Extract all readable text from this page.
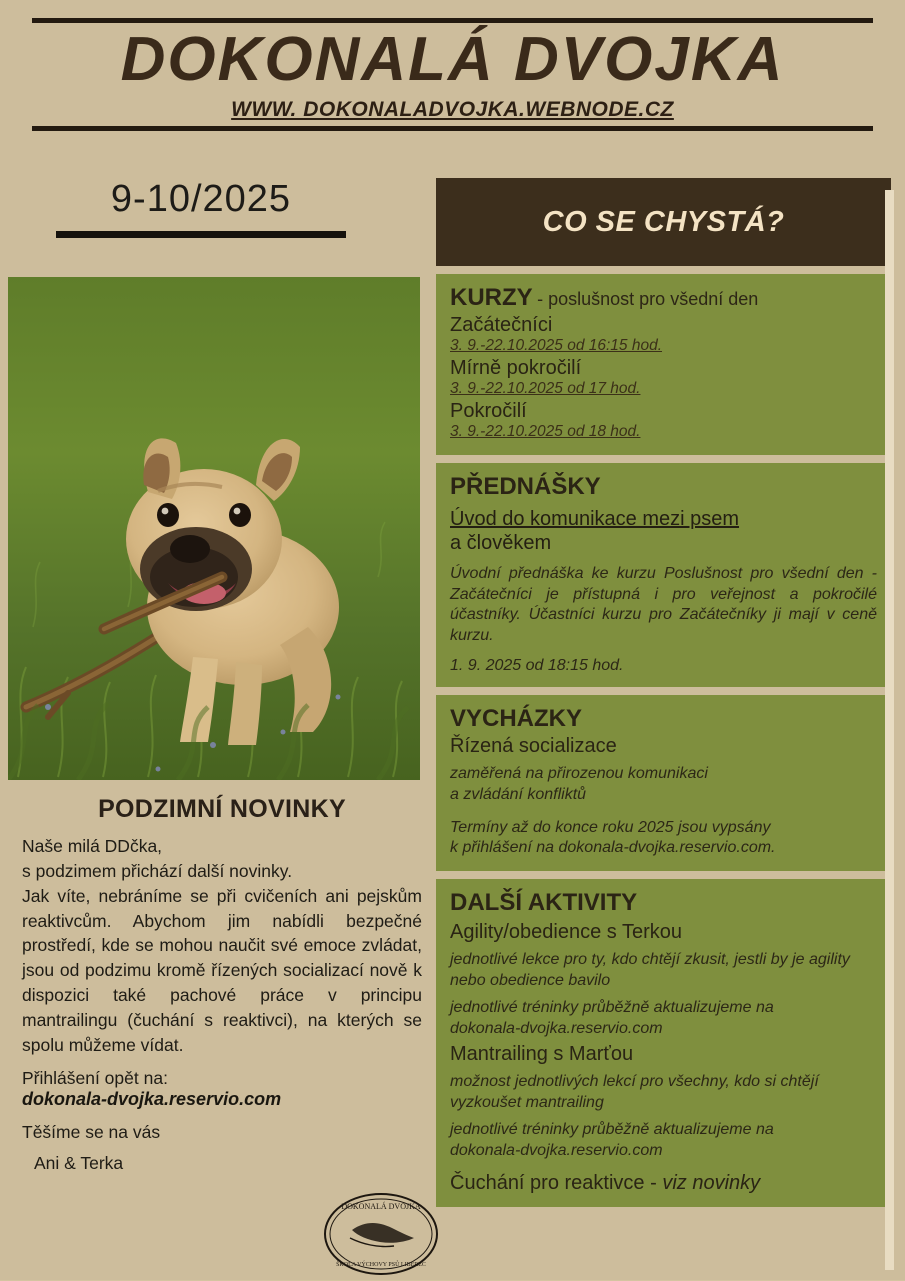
DOKONALÁ DVOJKA
WWW. DOKONALADVOJKA.WEBNODE.CZ
9-10/2025
PODZIMNÍ NOVINKY

Naše milá DDčka,

s podzimem přichází další novinky.

Jak víte, nebráníme se při cvičeních ani pejskům reaktivcům. Abychom jim nabídli bezpečné prostředí, kde se mohou naučit své emoce zvládat, jsou od podzimu kromě řízených socializací nově k dispozici také pachové práce v principu mantrailingu (čuchání s reaktivci), na kterých se spolu můžeme vídat.

Přihlášení opět na:
dokonala-dvojka.reservio.com
Těšíme se na vás
Ani & Terka
DOKONALÁ DVOJKA
ŠKOLA VÝCHOVY PSŮ LIBEREC
CO SE CHYSTÁ?
KURZY - poslušnost pro všední den
Začátečníci
3. 9.-22.10.2025 od 16:15 hod.
Mírně pokročilí
3. 9.-22.10.2025 od 17 hod.
Pokročilí
3. 9.-22.10.2025 od 18 hod.
PŘEDNÁŠKY
Úvod do komunikace mezi psem
a člověkem
Úvodní přednáška ke kurzu Poslušnost pro všední den - Začátečníci je přístupná i pro veřejnost a pokročilé účastníky. Účastníci kurzu pro Začátečníky ji mají v ceně kurzu.
1. 9. 2025 od 18:15 hod.
VYCHÁZKY
Řízená socializace
zaměřená na přirozenou komunikaci
a zvládání konfliktů
Termíny až do konce roku 2025 jsou vypsány
k přihlášení na dokonala-dvojka.reservio.com.
DALŠÍ AKTIVITY
Agility/obedience s Terkou
jednotlivé lekce pro ty, kdo chtějí zkusit, jestli by je agility nebo obedience bavilo
jednotlivé tréninky průběžně aktualizujeme na
dokonala-dvojka.reservio.com
Mantrailing s Marťou
možnost jednotlivých lekcí pro všechny, kdo si chtějí vyzkoušet mantrailing
jednotlivé tréninky průběžně aktualizujeme na
dokonala-dvojka.reservio.com
Čuchání pro reaktivce - viz novinky
